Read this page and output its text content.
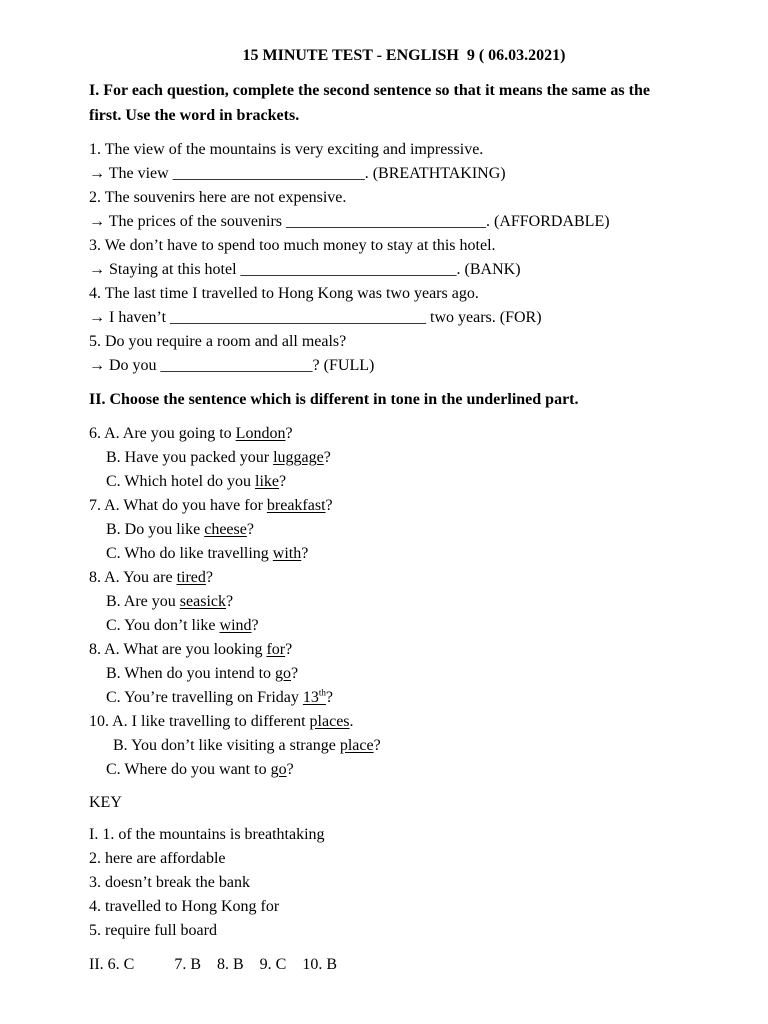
15 MINUTE TEST - ENGLISH  9 ( 06.03.2021)
I. For each question, complete the second sentence so that it means the same as the
first. Use the word in brackets.
1. The view of the mountains is very exciting and impressive.
→ The view ________________________. (BREATHTAKING)
2. The souvenirs here are not expensive.
→ The prices of the souvenirs _________________________. (AFFORDABLE)
3. We don’t have to spend too much money to stay at this hotel.
→ Staying at this hotel ___________________________. (BANK)
4. The last time I travelled to Hong Kong was two years ago.
→ I haven’t ________________________________ two years. (FOR)
5. Do you require a room and all meals?
→ Do you ___________________? (FULL)
II. Choose the sentence which is different in tone in the underlined part.
6. A. Are you going to London?
B. Have you packed your luggage?
C. Which hotel do you like?
7. A. What do you have for breakfast?
B. Do you like cheese?
C. Who do like travelling with?
8. A. You are tired?
B. Are you seasick?
C. You don’t like wind?
8. A. What are you looking for?
B. When do you intend to go?
C. You’re travelling on Friday 13th?
10. A. I like travelling to different places.
B. You don’t like visiting a strange place?
C. Where do you want to go?
KEY
I. 1. of the mountains is breathtaking
2. here are affordable
3. doesn’t break the bank
4. travelled to Hong Kong for
5. require full board
II. 6. C          7. B    8. B    9. C    10. B
